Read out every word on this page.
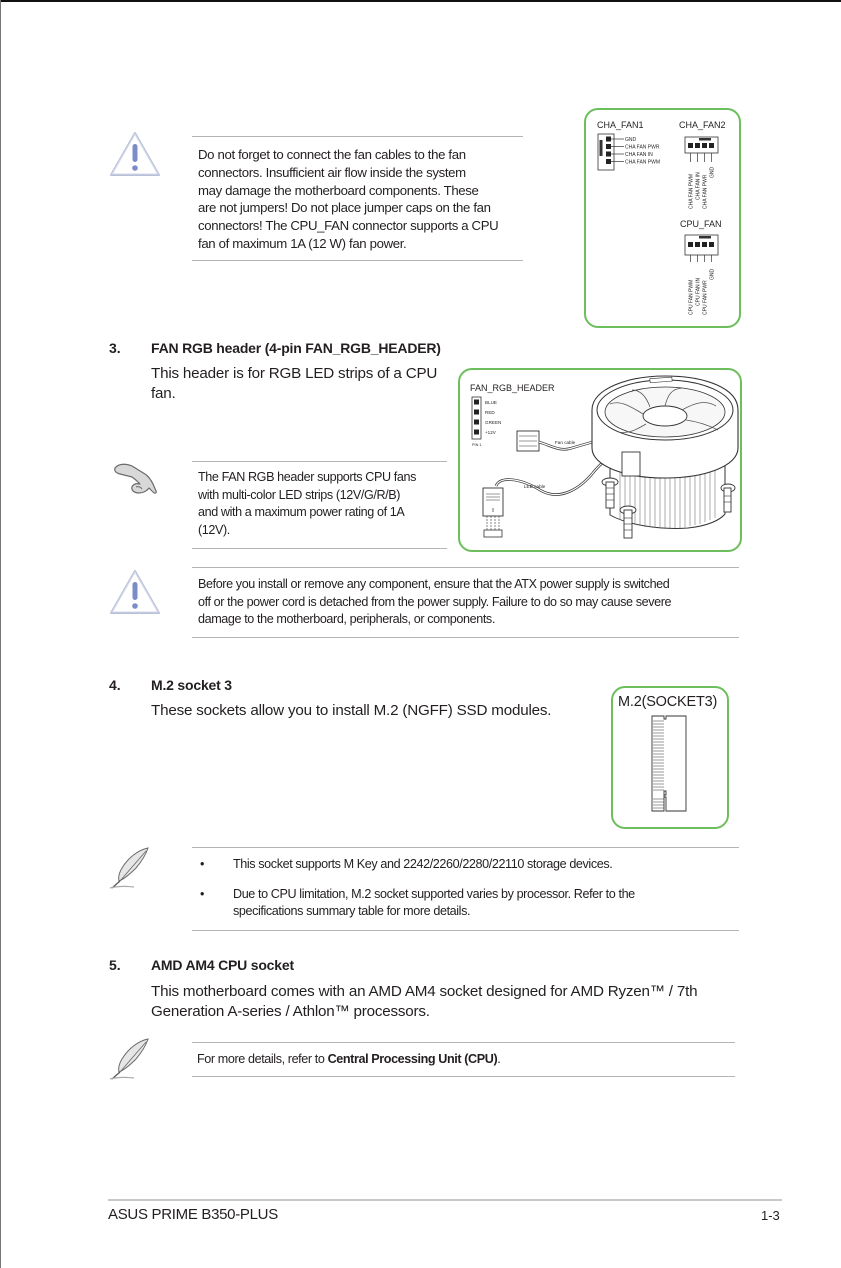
Do not forget to connect the fan cables to the fan
connectors. Insufficient air flow inside the system
may damage the motherboard components. These
are not jumpers! Do not place jumper caps on the fan
connectors! The CPU_FAN connector supports a CPU
fan of maximum 1A (12 W) fan power.
CHA_FAN1
GND
CHA FAN PWR
CHA FAN IN
CHA FAN PWM
CHA_FAN2
CHA FAN PWM CHA FAN IN CHA FAN PWR
GND
CPU_FAN
CPU FAN PWM CPU FAN IN CPU FAN PWR
GND
3. FAN RGB header (4-pin FAN_RGB_HEADER)
This header is for RGB LED strips of a CPU
fan.
The FAN RGB header supports CPU fans
with multi-color LED strips (12V/G/R/B)
and with a maximum power rating of 1A
(12V).
FAN_RGB_HEADER
BLUE
RED
GREEN
+12V
PIN 1	Fan cable
LED cable
Before you install or remove any component, ensure that the ATX power supply is switched
off or the power cord is detached from the power supply. Failure to do so may cause severe
damage to the motherboard, peripherals, or components.
4. M.2 socket 3
These sockets allow you to install M.2 (NGFF) SSD modules.	M.2(SOCKET3)
• This socket supports M Key and 2242/2260/2280/22110 storage devices.
• Due to CPU limitation, M.2 socket supported varies by processor. Refer to the
specifications summary table for more details.
5. AMD AM4 CPU socket
This motherboard comes with an AMD AM4 socket designed for AMD Ryzen™ / 7th
Generation A-series / Athlon™ processors.
For more details, refer to Central Processing Unit (CPU).
ASUS PRIME B350-PLUS	1-3
